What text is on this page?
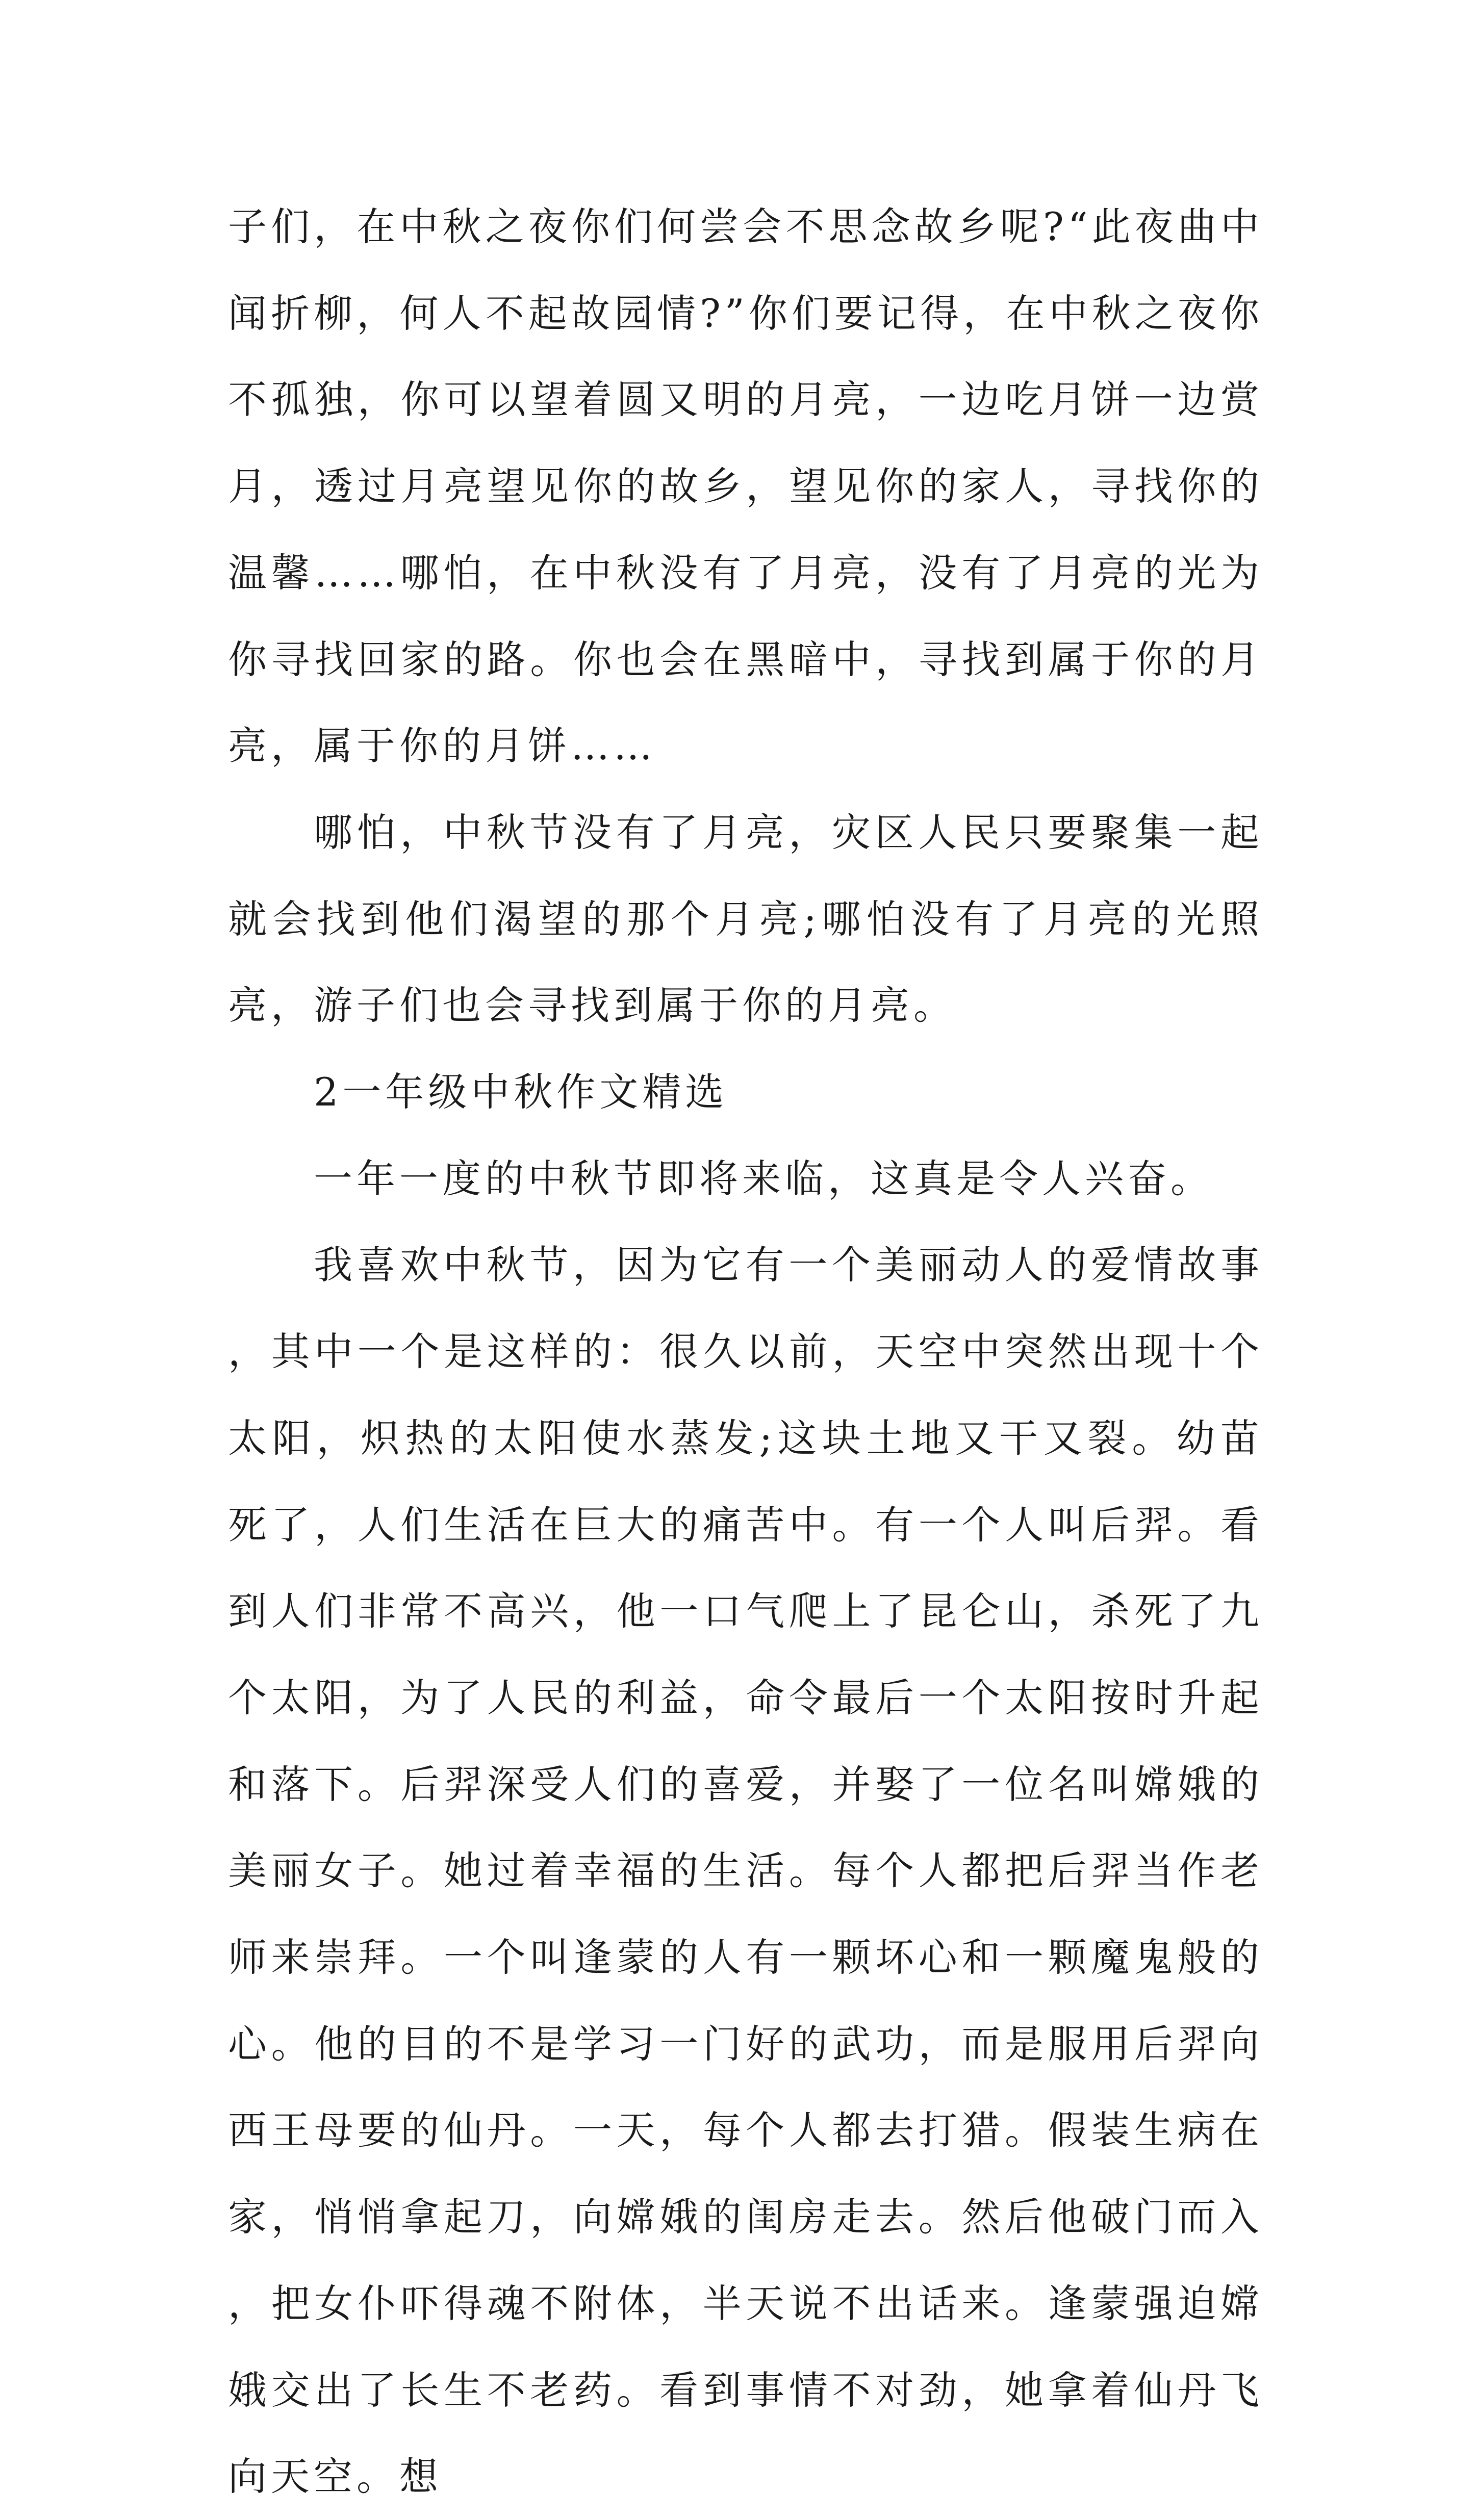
子们，在中秋之夜你们何尝会不思念故乡呢?“此夜曲中闻折柳，何人不起故园情?”你们要记得，在中秋之夜你不孤独，你可以望着圆又明的月亮，一边吃月饼一边赏月，透过月亮望见你的故乡，望见你的家人，寻找你的温馨……哪怕，在中秋没有了月亮，没有了月亮的光为你寻找回家的路。你也会在黑暗中，寻找到属于你的月亮，属于你的月饼……

哪怕，中秋节没有了月亮，灾区人民只要聚集一起就会找到他们渴望的那个月亮;哪怕没有了月亮的光照亮，游子们也会寻找到属于你的月亮。

2一年级中秋作文精选

一年一度的中秋节即将来临，这真是令人兴奋。

我喜欢中秋节，因为它有一个美丽动人的爱情故事，其中一个是这样的：很久以前，天空中突然出现十个太阳，炽热的太阳使水蒸发;这块土地又干又裂。幼苗死了，人们生活在巨大的痛苦中。有一个人叫后羿。看到人们非常不高兴，他一口气爬上了昆仑山，杀死了九个太阳，为了人民的利益，命令最后一个太阳按时升起和落下。后羿深受人们的喜爱，并娶了一位名叫嫦娥的美丽女子。她过着幸福的生活。每个人都把后羿当作老师来崇拜。一个叫逢蒙的人有一颗坏心和一颗魔鬼般的心。他的目的不是学习一门好的武功，而是服用后羿向西王母要的仙丹。一天，每个人都去打猎。假装生病在家，悄悄拿起刀，向嫦娥的闺房走去。然后他破门而入，把女仆吓得魂不附体，半天说不出话来。逢蒙强迫嫦娥交出了长生不老药。看到事情不对劲，她拿着仙丹飞向天空。想
